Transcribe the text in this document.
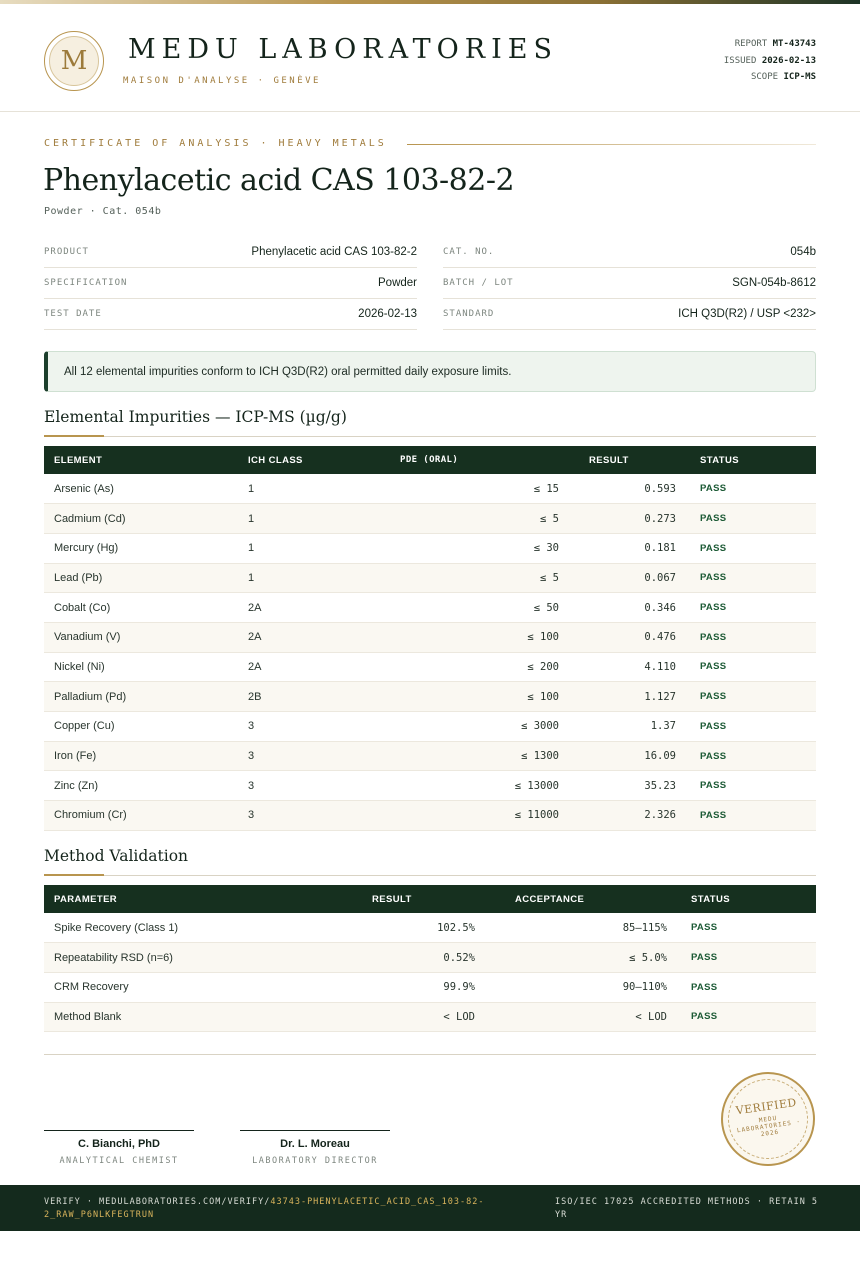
M	MEDU LABORATORIES
MAISON D'ANALYSE · GENÈVE
REPORT MT-43743
ISSUED 2026-02-13
SCOPE ICP-MS
CERTIFICATE OF ANALYSIS · HEAVY METALS
Phenylacetic acid CAS 103-82-2
Powder · Cat. 054b
PRODUCT	Phenylacetic acid CAS 103-82-2
SPECIFICATION	Powder
TEST DATE	2026-02-13
CAT. NO.	054b
BATCH / LOT	SGN-054b-8612
STANDARD	ICH Q3D(R2) / USP <232>
All 12 elemental impurities conform to ICH Q3D(R2) oral permitted daily exposure limits.
Elemental Impurities — ICP-MS (µg/g)
ELEMENT	ICH CLASS	PDE (ORAL)	RESULT	STATUS
Arsenic (As)	1	≤ 15	0.593	PASS
Cadmium (Cd)	1	≤ 5	0.273	PASS
Mercury (Hg)	1	≤ 30	0.181	PASS
Lead (Pb)	1	≤ 5	0.067	PASS
Cobalt (Co)	2A	≤ 50	0.346	PASS
Vanadium (V)	2A	≤ 100	0.476	PASS
Nickel (Ni)	2A	≤ 200	4.110	PASS
Palladium (Pd)	2B	≤ 100	1.127	PASS
Copper (Cu)	3	≤ 3000	1.37	PASS
Iron (Fe)	3	≤ 1300	16.09	PASS
Zinc (Zn)	3	≤ 13000	35.23	PASS
Chromium (Cr)	3	≤ 11000	2.326	PASS
Method Validation
PARAMETER	RESULT	ACCEPTANCE	STATUS
Spike Recovery (Class 1)	102.5%	85–115%	PASS
Repeatability RSD (n=6)	0.52%	≤ 5.0%	PASS
CRM Recovery	99.9%	90–110%	PASS
Method Blank	< LOD	< LOD	PASS
C. Bianchi, PhD
ANALYTICAL CHEMIST
Dr. L. Moreau
LABORATORY DIRECTOR
VERIFIED
MEDU LABORATORIES · 2026
VERIFY · MEDULABORATORIES.COM/VERIFY/43743-PHENYLACETIC_ACID_CAS_103-82-2_RAW_P6NLKFEGTRUN
ISO/IEC 17025 ACCREDITED METHODS · RETAIN 5 YR
